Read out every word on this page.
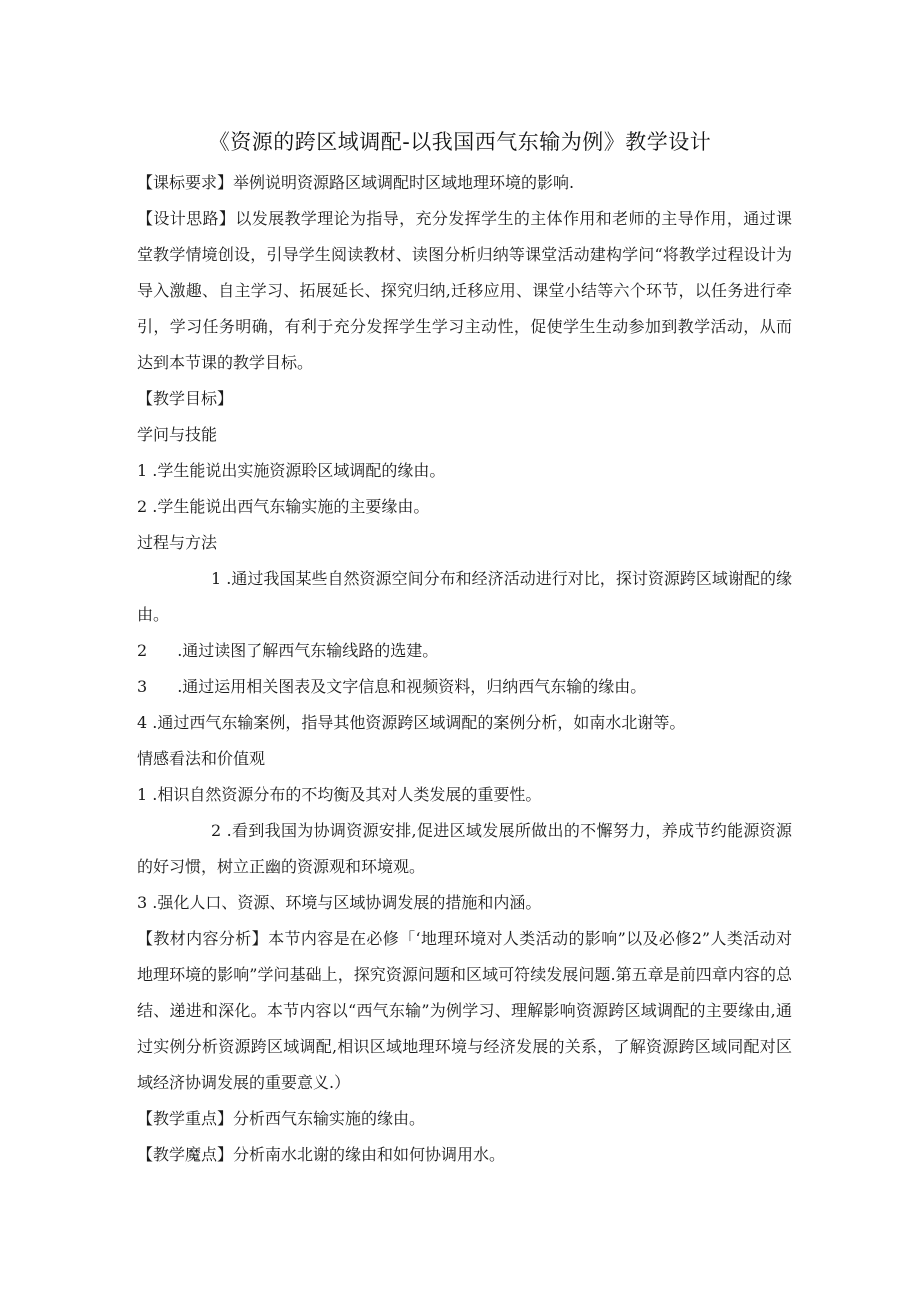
《资源的跨区域调配-以我国西气东输为例》教学设计

【课标要求】举例说明资源路区域调配时区域地理环境的影响.

【设计思路】以发展教学理论为指导，充分发挥学生的主体作用和老师的主导作用，通过课堂教学情境创设，引导学生阅读教材、读图分析归纳等课堂活动建构学问“将教学过程设计为导入激趣、自主学习、拓展延长、探究归纳,迁移应用、课堂小结等六个环节，以任务进行牵引，学习任务明确，有利于充分发挥学生学习主动性，促使学生生动参加到教学活动，从而达到本节课的教学目标。

【教学目标】

学问与技能

1 .学生能说出实施资源聆区域调配的缘由。

2 .学生能说出西气东输实施的主要缘由。

过程与方法

1 .通过我国某些自然资源空间分布和经济活动进行对比，探讨资源跨区域谢配的缘由。

2 .通过读图了解西气东输线路的选建。

3 .通过运用相关图表及文字信息和视频资料，归纳西气东输的缘由。

4 .通过西气东输案例，指导其他资源跨区域调配的案例分析，如南水北谢等。

情感看法和价值观

1 .相识自然资源分布的不均衡及其对人类发展的重要性。

2 .看到我国为协调资源安排,促进区域发展所做出的不懈努力，养成节约能源资源的好习惯，树立正幽的资源观和环境观。

3 .强化人口、资源、环境与区域协调发展的措施和内涵。

【教材内容分析】本节内容是在必修「‘地理环境对人类活动的影响”以及必修2”人类活动对地理环境的影响”学问基础上，探究资源问题和区域可符续发展问题.第五章是前四章内容的总结、递进和深化。本节内容以“西气东输”为例学习、理解影响资源跨区域调配的主要缘由,通过实例分析资源跨区域调配,相识区域地理环境与经济发展的关系，了解资源跨区域同配对区域经济协调发展的重要意义.）

【教学重点】分析西气东输实施的缘由。

【教学魔点】分析南水北谢的缘由和如何协调用水。
